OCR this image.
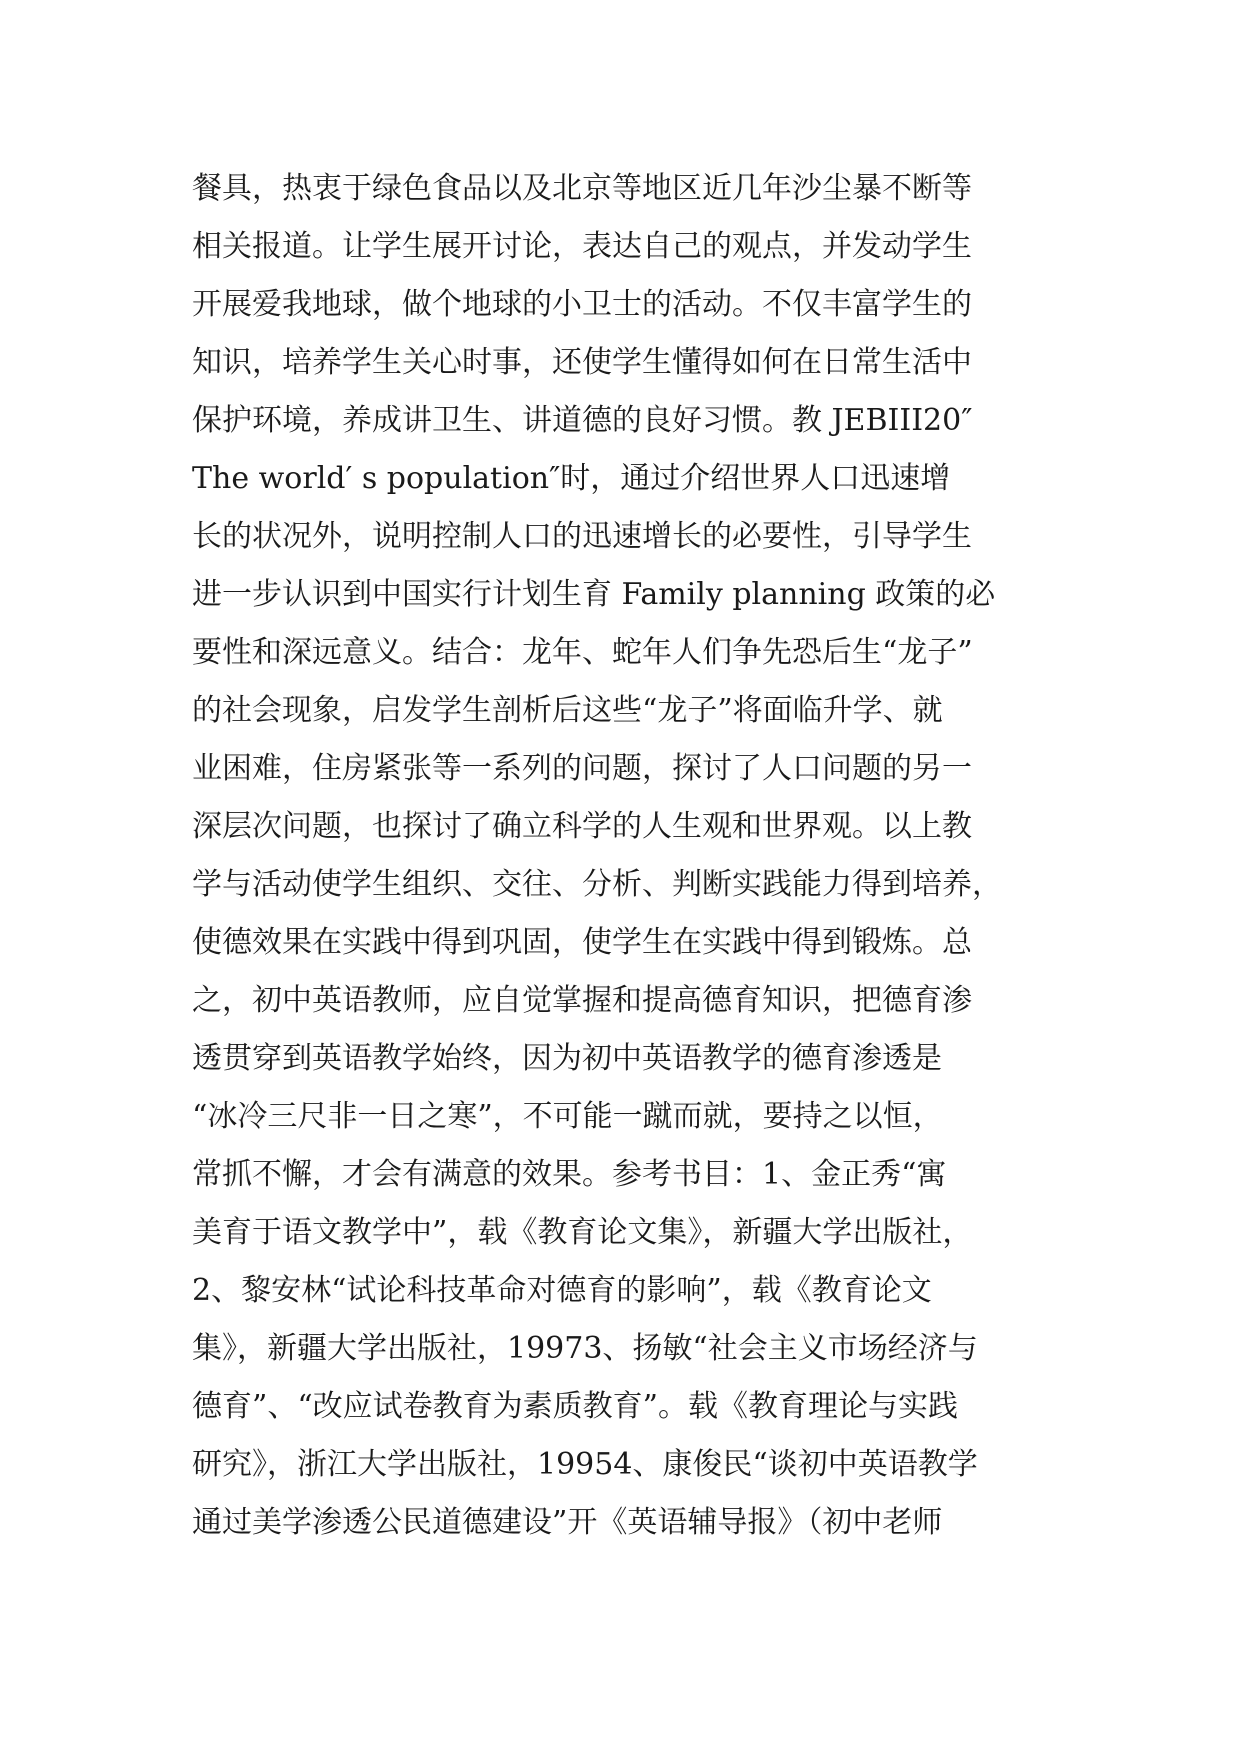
餐具，热衷于绿色食品以及北京等地区近几年沙尘暴不断等
相关报道。让学生展开讨论，表达自己的观点，并发动学生
开展爱我地球，做个地球的小卫士的活动。不仅丰富学生的
知识，培养学生关心时事，还使学生懂得如何在日常生活中
保护环境，养成讲卫生、讲道德的良好习惯。教 JEBIII20″
The world′ s population″时，通过介绍世界人口迅速增
长的状况外，说明控制人口的迅速增长的必要性，引导学生
进一步认识到中国实行计划生育 Family planning 政策的必
要性和深远意义。结合：龙年、蛇年人们争先恐后生“龙子”
的社会现象，启发学生剖析后这些“龙子”将面临升学、就
业困难，住房紧张等一系列的问题，探讨了人口问题的另一
深层次问题，也探讨了确立科学的人生观和世界观。以上教
学与活动使学生组织、交往、分析、判断实践能力得到培养，
使德效果在实践中得到巩固，使学生在实践中得到锻炼。总
之，初中英语教师，应自觉掌握和提高德育知识，把德育渗
透贯穿到英语教学始终，因为初中英语教学的德育渗透是
“冰冷三尺非一日之寒”，不可能一蹴而就，要持之以恒，
常抓不懈，才会有满意的效果。参考书目：1、金正秀“寓
美育于语文教学中”，载《教育论文集》，新疆大学出版社，
2、黎安林“试论科技革命对德育的影响”，载《教育论文
集》，新疆大学出版社，19973、扬敏“社会主义市场经济与
德育”、“改应试卷教育为素质教育”。载《教育理论与实践
研究》，浙江大学出版社，19954、康俊民“谈初中英语教学
通过美学渗透公民道德建设”开《英语辅导报》（初中老师
